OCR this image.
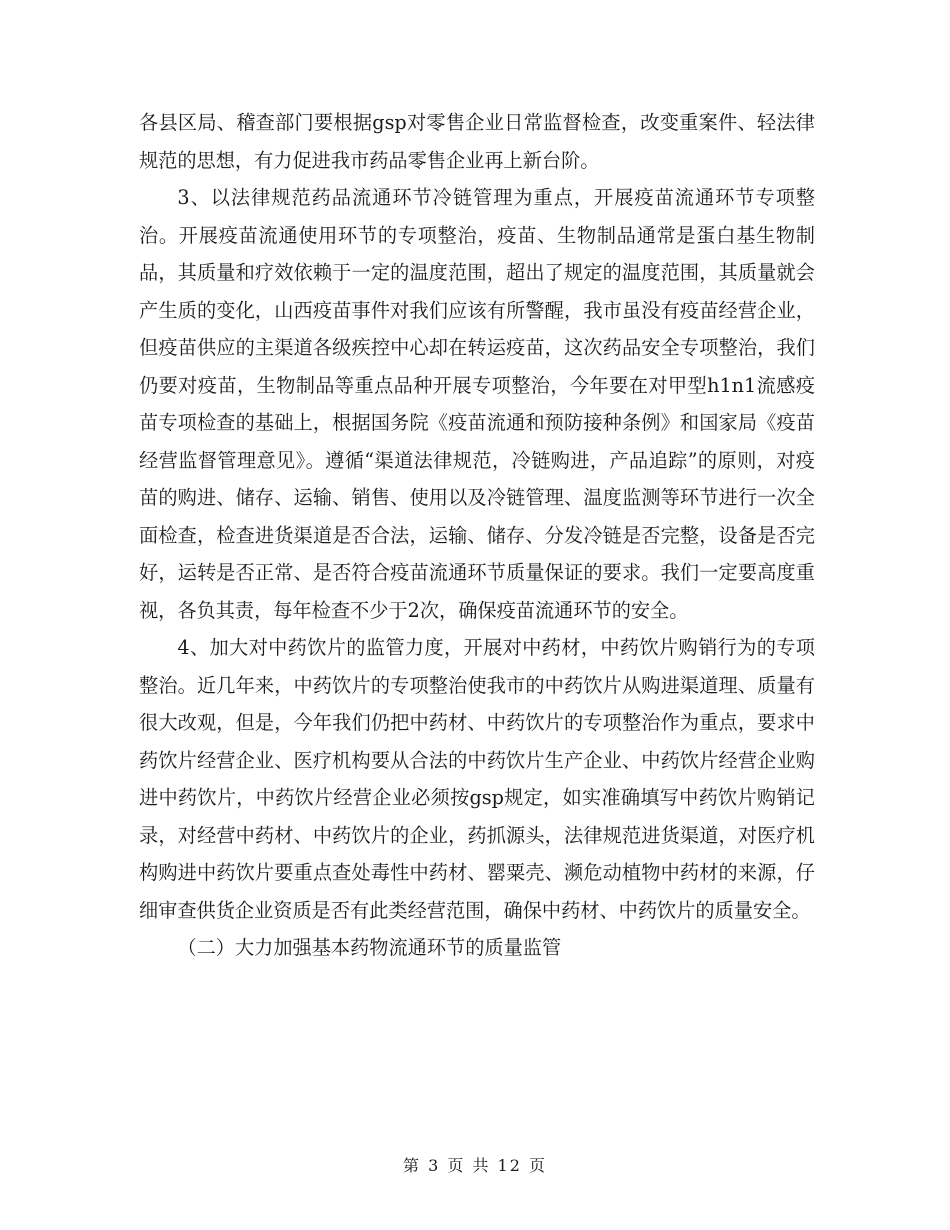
各县区局、稽查部门要根据gsp对零售企业日常监督检查，改变重案件、轻法律规范的思想，有力促进我市药品零售企业再上新台阶。

3、以法律规范药品流通环节冷链管理为重点，开展疫苗流通环节专项整治。开展疫苗流通使用环节的专项整治，疫苗、生物制品通常是蛋白基生物制品，其质量和疗效依赖于一定的温度范围，超出了规定的温度范围，其质量就会产生质的变化，山西疫苗事件对我们应该有所警醒，我市虽没有疫苗经营企业，但疫苗供应的主渠道各级疾控中心却在转运疫苗，这次药品安全专项整治，我们仍要对疫苗，生物制品等重点品种开展专项整治，今年要在对甲型h1n1流感疫苗专项检查的基础上，根据国务院《疫苗流通和预防接种条例》和国家局《疫苗经营监督管理意见》。遵循“渠道法律规范，冷链购进，产品追踪”的原则，对疫苗的购进、储存、运输、销售、使用以及冷链管理、温度监测等环节进行一次全面检查，检查进货渠道是否合法，运输、储存、分发冷链是否完整，设备是否完好，运转是否正常、是否符合疫苗流通环节质量保证的要求。我们一定要高度重视，各负其责，每年检查不少于2次，确保疫苗流通环节的安全。

4、加大对中药饮片的监管力度，开展对中药材，中药饮片购销行为的专项整治。近几年来，中药饮片的专项整治使我市的中药饮片从购进渠道理、质量有很大改观，但是，今年我们仍把中药材、中药饮片的专项整治作为重点，要求中药饮片经营企业、医疗机构要从合法的中药饮片生产企业、中药饮片经营企业购进中药饮片，中药饮片经营企业必须按gsp规定，如实准确填写中药饮片购销记录，对经营中药材、中药饮片的企业，药抓源头，法律规范进货渠道，对医疗机构购进中药饮片要重点查处毒性中药材、罂粟壳、濒危动植物中药材的来源，仔细审查供货企业资质是否有此类经营范围，确保中药材、中药饮片的质量安全。

（二）大力加强基本药物流通环节的质量监管

第 3 页 共 12 页
